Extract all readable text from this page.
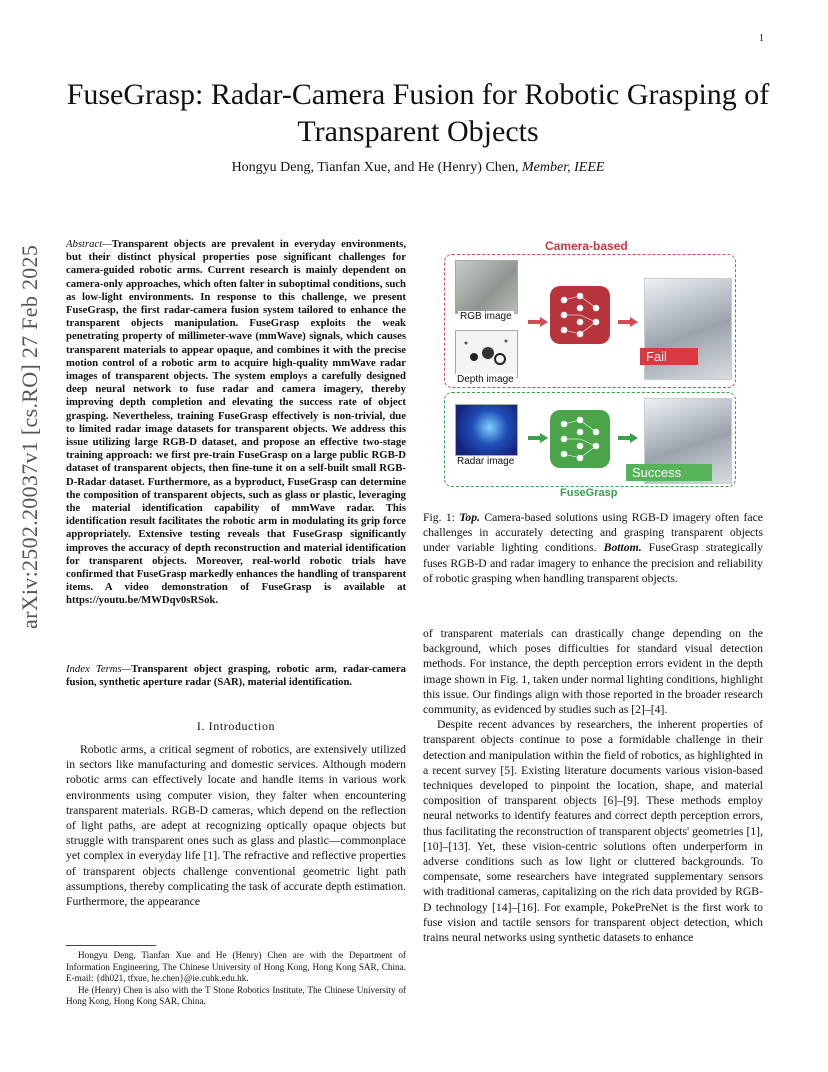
1
arXiv:2502.20037v1 [cs.RO] 27 Feb 2025
FuseGrasp: Radar-Camera Fusion for Robotic Grasping of Transparent Objects
Hongyu Deng, Tianfan Xue, and He (Henry) Chen, Member, IEEE
Abstract—Transparent objects are prevalent in everyday environments, but their distinct physical properties pose significant challenges for camera-guided robotic arms. Current research is mainly dependent on camera-only approaches, which often falter in suboptimal conditions, such as low-light environments. In response to this challenge, we present FuseGrasp, the first radar-camera fusion system tailored to enhance the transparent objects manipulation. FuseGrasp exploits the weak penetrating property of millimeter-wave (mmWave) signals, which causes transparent materials to appear opaque, and combines it with the precise motion control of a robotic arm to acquire high-quality mmWave radar images of transparent objects. The system employs a carefully designed deep neural network to fuse radar and camera imagery, thereby improving depth completion and elevating the success rate of object grasping. Nevertheless, training FuseGrasp effectively is non-trivial, due to limited radar image datasets for transparent objects. We address this issue utilizing large RGB-D dataset, and propose an effective two-stage training approach: we first pre-train FuseGrasp on a large public RGB-D dataset of transparent objects, then fine-tune it on a self-built small RGB-D-Radar dataset. Furthermore, as a byproduct, FuseGrasp can determine the composition of transparent objects, such as glass or plastic, leveraging the material identification capability of mmWave radar. This identification result facilitates the robotic arm in modulating its grip force appropriately. Extensive testing reveals that FuseGrasp significantly improves the accuracy of depth reconstruction and material identification for transparent objects. Moreover, real-world robotic trials have confirmed that FuseGrasp markedly enhances the handling of transparent items. A video demonstration of FuseGrasp is available at https://youtu.be/MWDqv0sRSok.
Index Terms—Transparent object grasping, robotic arm, radar-camera fusion, synthetic aperture radar (SAR), material identification.
I. Introduction
Robotic arms, a critical segment of robotics, are extensively utilized in sectors like manufacturing and domestic services. Although modern robotic arms can effectively locate and handle items in various work environments using computer vision, they falter when encountering transparent materials. RGB-D cameras, which depend on the reflection of light paths, are adept at recognizing optically opaque objects but struggle with transparent ones such as glass and plastic—commonplace yet complex in everyday life [1]. The refractive and reflective properties of transparent objects challenge conventional geometric light path assumptions, thereby complicating the task of accurate depth estimation. Furthermore, the appearance

Hongyu Deng, Tianfan Xue and He (Henry) Chen are with the Department of Information Engineering, The Chinese University of Hong Kong, Hong Kong SAR, China. E-mail: {dh021, tfxue, he.chen}@ie.cuhk.edu.hk.

He (Henry) Chen is also with the T Stone Robotics Institute, The Chinese University of Hong Kong, Hong Kong SAR, China.

Camera-based
RGB image
Depth image
Radar image
Fail
Success
FuseGrasp
Fig. 1: Top. Camera-based solutions using RGB-D imagery often face challenges in accurately detecting and grasping transparent objects under variable lighting conditions. Bottom. FuseGrasp strategically fuses RGB-D and radar imagery to enhance the precision and reliability of robotic grasping when handling transparent objects.

of transparent materials can drastically change depending on the background, which poses difficulties for standard visual detection methods. For instance, the depth perception errors evident in the depth image shown in Fig. 1, taken under normal lighting conditions, highlight this issue. Our findings align with those reported in the broader research community, as evidenced by studies such as [2]–[4].

Despite recent advances by researchers, the inherent properties of transparent objects continue to pose a formidable challenge in their detection and manipulation within the field of robotics, as highlighted in a recent survey [5]. Existing literature documents various vision-based techniques developed to pinpoint the location, shape, and material composition of transparent objects [6]–[9]. These methods employ neural networks to identify features and correct depth perception errors, thus facilitating the reconstruction of transparent objects' geometries [1], [10]–[13]. Yet, these vision-centric solutions often underperform in adverse conditions such as low light or cluttered backgrounds. To compensate, some researchers have integrated supplementary sensors with traditional cameras, capitalizing on the rich data provided by RGB-D technology [14]–[16]. For example, PokePreNet is the first work to fuse vision and tactile sensors for transparent object detection, which trains neural networks using synthetic datasets to enhance
